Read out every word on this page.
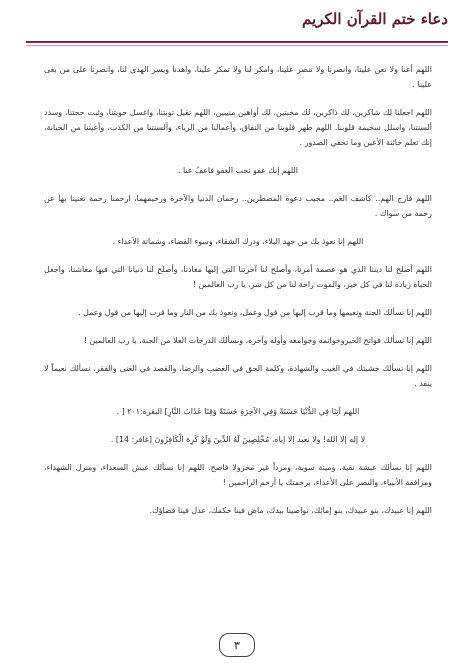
دعاء ختم القرآن الكريم

اللهم أعنا ولا تعن علينا، وانصرنا ولا تنصر علينا، وامكر لنا ولا تمكر علينا، واهدنا ويسر الهدى لنا، وانصرنا على من بغى علينا .

اللهم اجعلنا لك شاكرين، لك ذاكرين، لك مخبتين، لك أواهين منيبين، اللهم تقبل توبتنا، واغسل حوبتنا، وثبت حجتنا، وسدد ألسنتنا، واسلل سخيمة قلوبنا. اللهم طهر قلوبنا من النفاق، وأعمالنا من الرياء، وألسنتنا من الكذب، وأعيننا من الخيانة، إنك تعلم خائنة الأعين وما تخفي الصدور .

اللهم إنك عفو تحب العفو فاعفُ عنا .

اللهم فارج الهم.. كاشف الغم.. مجيب دعوة المضطرين.. رحمان الدنيا والآخرة ورحيمهما، ارحمنا رحمة تغنينا بها عن رحمة من سواك .

اللهم إنا نعوذ بك من جهد البلاء، ودرك الشقاء، وسوء القضاء، وشماتة الأعداء .

اللهم أصلح لنا ديننا الذي هو عصمة أمرنا، وأصلح لنا آخرتنا التي إليها معادنا، وأصلح لنا دنيانا التي فيها معاشنا، واجعل الحياة زيادة لنا في كل خير، والموت راحة لنا من كل شر، يا رب العالمين !

اللهم إنا نسألك الجنة ونعيمها وما قرب إليها من قول وعمل، ونعوذ بك من النار وما قرب إليها من قول وعمل .

اللهم إنا نسألك فواتح الخيروخواتمه وجوامعه وأوله وآخره، ونسألك الدرجات العلا من الجنة، يا رب العالمين !

اللهم إنا نسألك خشيتك في الغيب والشهادة، وكلمة الحق في الغضب والرضا، والقصد في الغنى والفقر، نسألك نعيماً لا ينفد .

اللهم آتِنَا فِي الدُّنْيَا حَسَنَةً وَفِي الآخِرَةِ حَسَنَةً وَقِنَا عَذَابَ النَّارِ] البقرة:٢٠١ [ .

لا إله إلا الله! ولا نعبد إلا إياه، مُخْلِصِينَ لَهُ الدِّينَ وَلَوْ كَرِهَ الْكَافِرُونَ [غافر: 14] .

اللهم إنا نسألك عيشة نقية، وميتة سوية، ومرداً غير مخزولا فاضح. اللهم إنا نسألك عيش السعداء، ومنزل الشهداء، ومرافقة الأنبياء، والنصر على الأعداء، برحمتك يا أرحم الراحمين !

اللهم إنا عبيدك، بنو عبيدك، بنو إمائك، نواصينا بيدك، ماض فينا حكمك، عدل فينا قضاؤك.

٣
